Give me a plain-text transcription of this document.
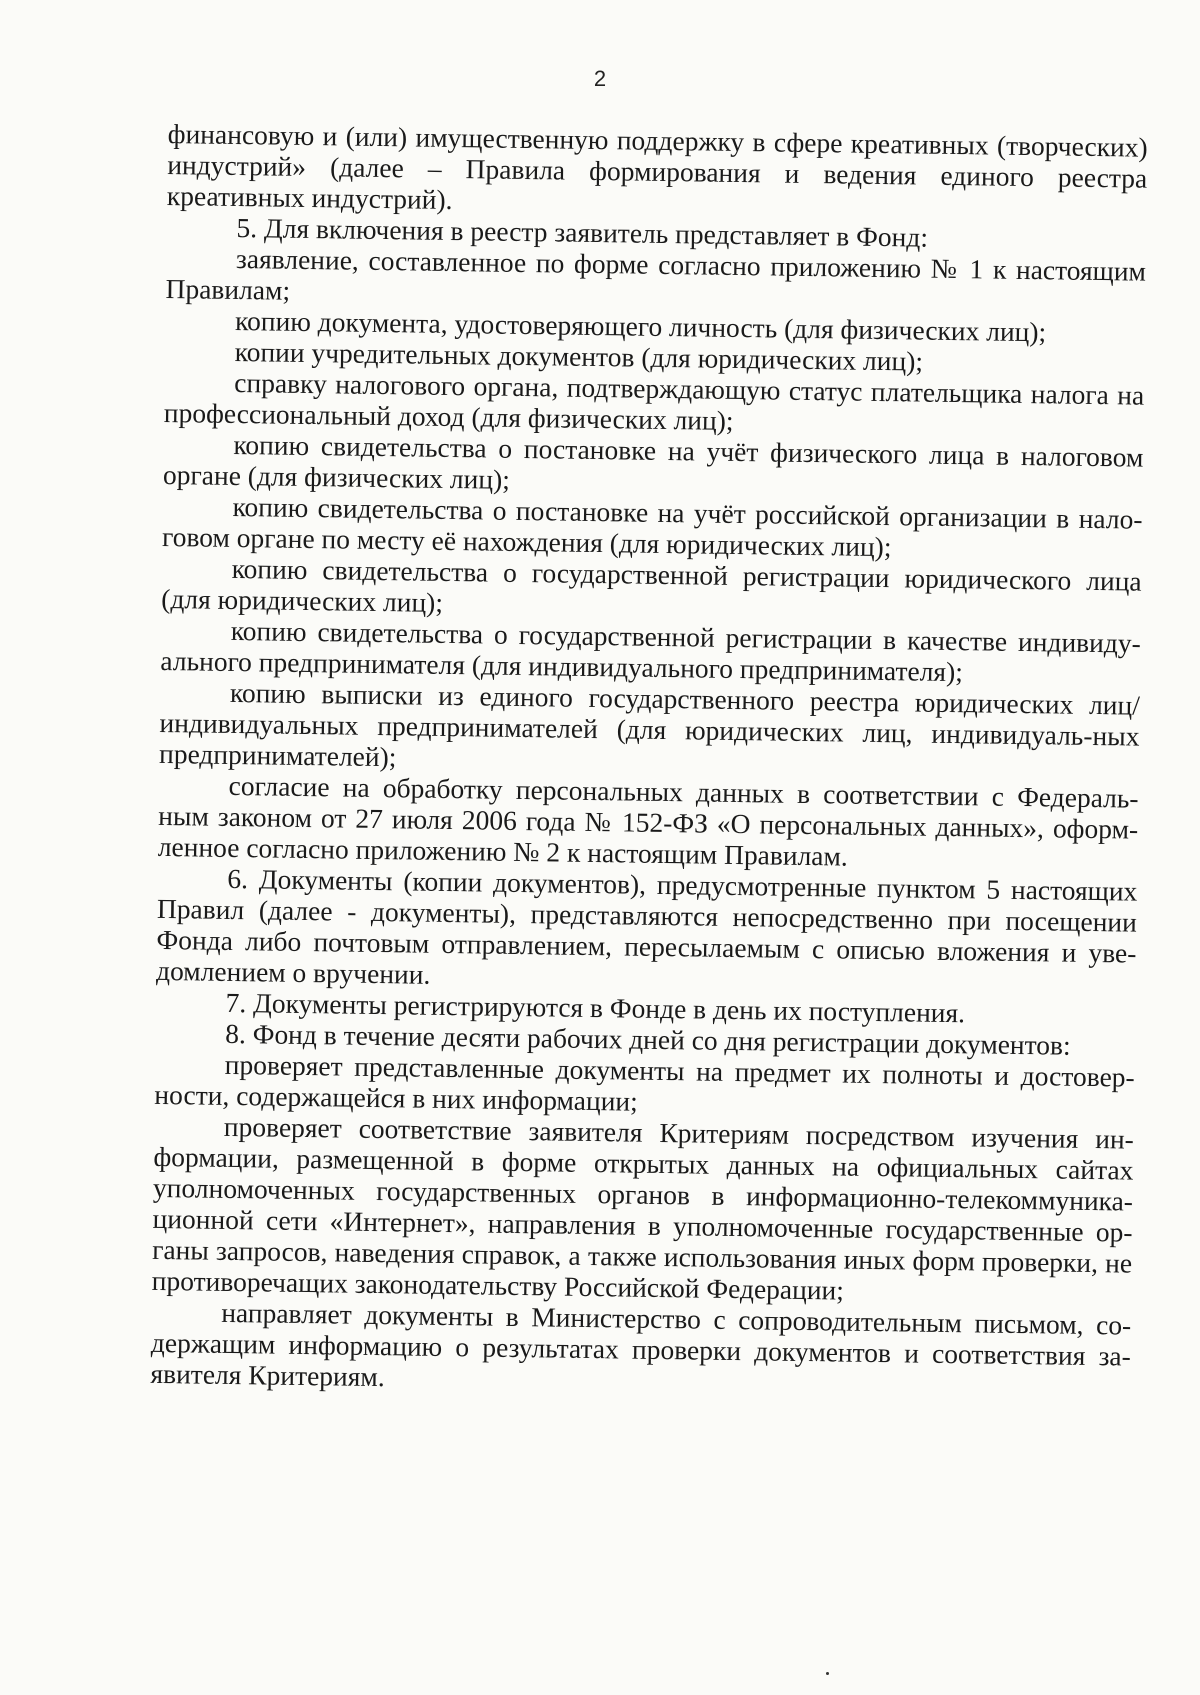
2

финансовую и (или) имущественную поддержку в сфере креативных (творческих) индустрий» (далее – Правила формирования и ведения единого реестра креативных индустрий).

5. Для включения в реестр заявитель представляет в Фонд:

заявление, составленное по форме согласно приложению № 1 к настоящим Правилам;

копию документа, удостоверяющего личность (для физических лиц);

копии учредительных документов (для юридических лиц);

справку налогового органа, подтверждающую статус плательщика налога на профессиональный доход (для физических лиц);

копию свидетельства о постановке на учёт физического лица в налоговом органе (для физических лиц);

копию свидетельства о постановке на учёт российской организации в нало-говом органе по месту её нахождения (для юридических лиц);

копию свидетельства о государственной регистрации юридического лица (для юридических лиц);

копию свидетельства о государственной регистрации в качестве индивиду-ального предпринимателя (для индивидуального предпринимателя);

копию выписки из единого государственного реестра юридических лиц/индивидуальных предпринимателей (для юридических лиц, индивидуаль-ных предпринимателей);

согласие на обработку персональных данных в соответствии с Федераль-ным законом от 27 июля 2006 года № 152-ФЗ «О персональных данных», оформ-ленное согласно приложению № 2 к настоящим Правилам.

6. Документы (копии документов), предусмотренные пунктом 5 настоящих Правил (далее - документы), представляются непосредственно при посещении Фонда либо почтовым отправлением, пересылаемым с описью вложения и уве-домлением о вручении.

7. Документы регистрируются в Фонде в день их поступления.

8. Фонд в течение десяти рабочих дней со дня регистрации документов:

проверяет представленные документы на предмет их полноты и достовер-ности, содержащейся в них информации;

проверяет соответствие заявителя Критериям посредством изучения ин-формации, размещенной в форме открытых данных на официальных сайтах уполномоченных государственных органов в информационно-телекоммуника-ционной сети «Интернет», направления в уполномоченные государственные ор-ганы запросов, наведения справок, а также использования иных форм проверки, не противоречащих законодательству Российской Федерации;

направляет документы в Министерство с сопроводительным письмом, со-держащим информацию о результатах проверки документов и соответствия за-явителя Критериям.
